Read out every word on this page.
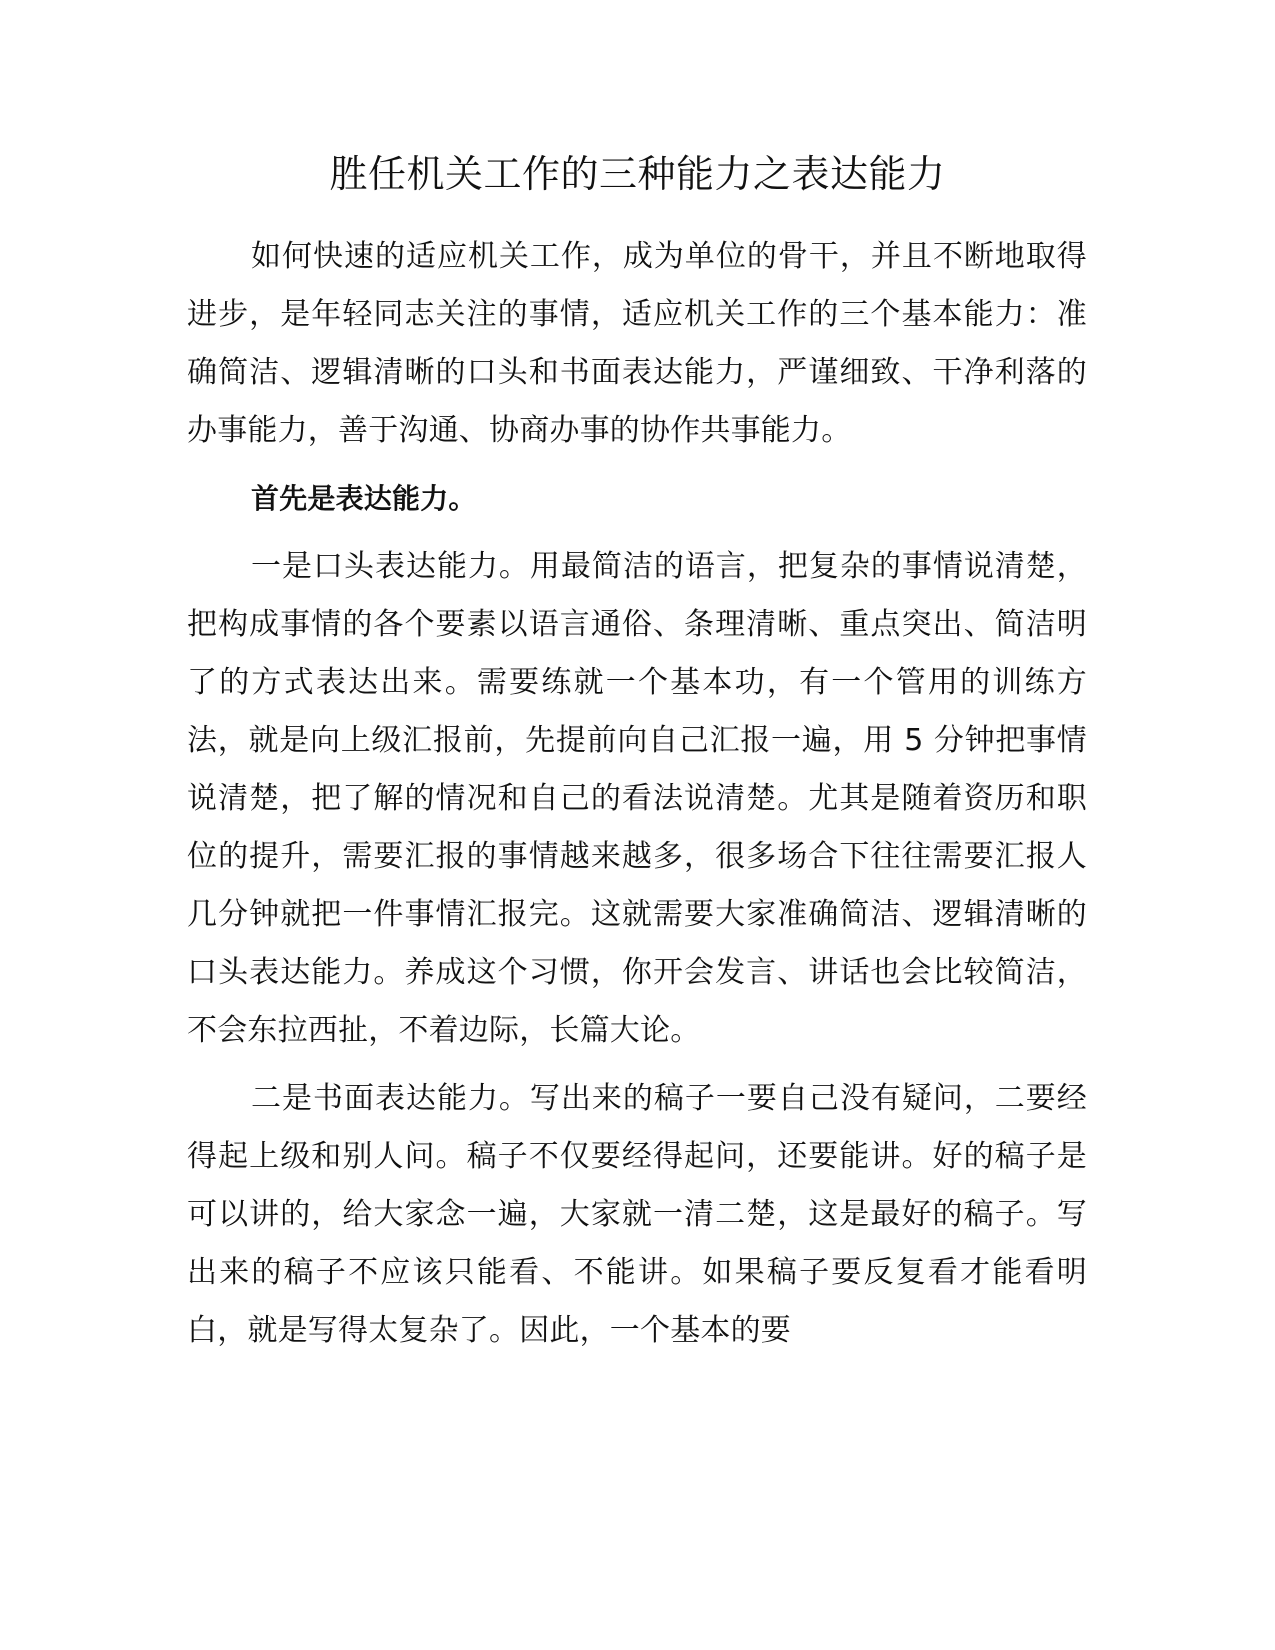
胜任机关工作的三种能力之表达能力

如何快速的适应机关工作，成为单位的骨干，并且不断地取得进步，是年轻同志关注的事情，适应机关工作的三个基本能力：准确简洁、逻辑清晰的口头和书面表达能力，严谨细致、干净利落的办事能力，善于沟通、协商办事的协作共事能力。

首先是表达能力。

一是口头表达能力。用最简洁的语言，把复杂的事情说清楚，把构成事情的各个要素以语言通俗、条理清晰、重点突出、简洁明了的方式表达出来。需要练就一个基本功，有一个管用的训练方法，就是向上级汇报前，先提前向自己汇报一遍，用 5 分钟把事情说清楚，把了解的情况和自己的看法说清楚。尤其是随着资历和职位的提升，需要汇报的事情越来越多，很多场合下往往需要汇报人几分钟就把一件事情汇报完。这就需要大家准确简洁、逻辑清晰的口头表达能力。养成这个习惯，你开会发言、讲话也会比较简洁，不会东拉西扯，不着边际，长篇大论。

二是书面表达能力。写出来的稿子一要自己没有疑问，二要经得起上级和别人问。稿子不仅要经得起问，还要能讲。好的稿子是可以讲的，给大家念一遍，大家就一清二楚，这是最好的稿子。写出来的稿子不应该只能看、不能讲。如果稿子要反复看才能看明白，就是写得太复杂了。因此，一个基本的要
